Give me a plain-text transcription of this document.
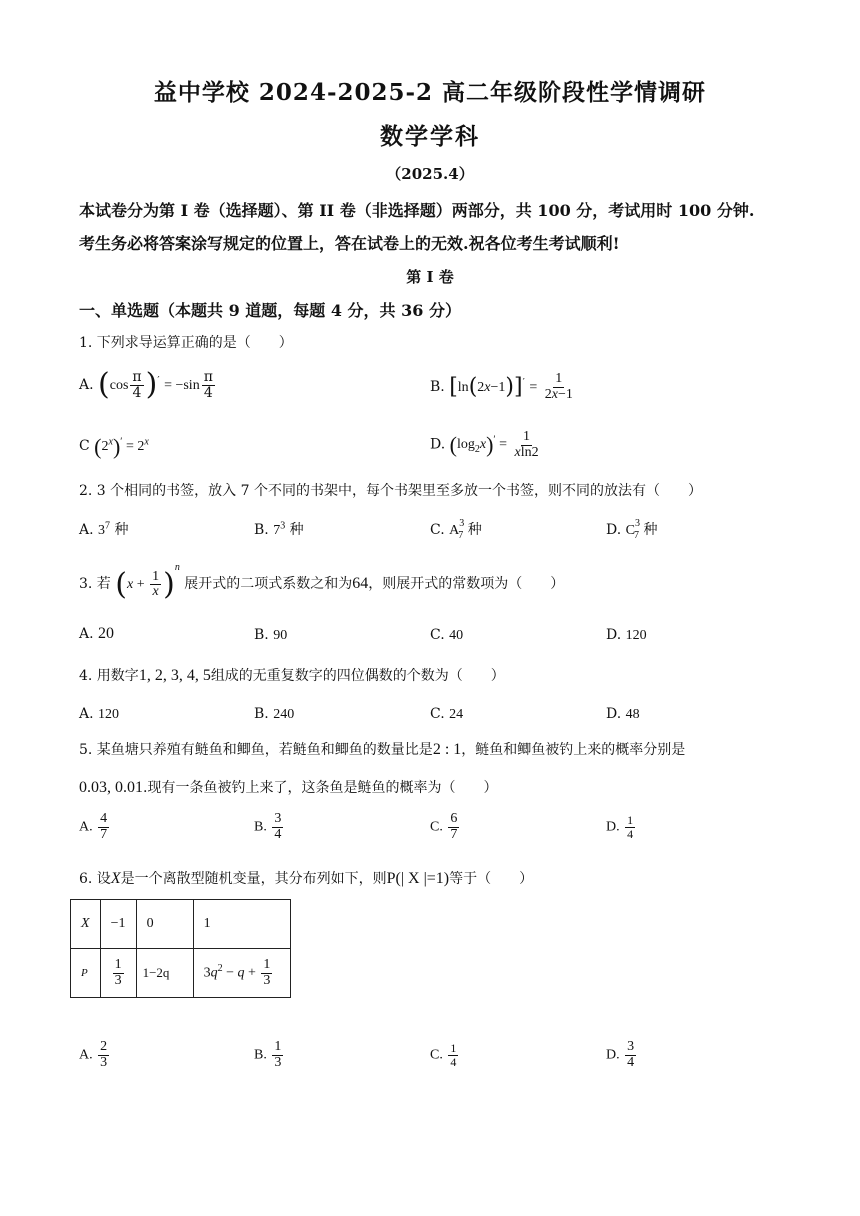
益中学校 2024-2025-2 高二年级阶段性学情调研
数学学科
（2025.4）
本试卷分为第 I 卷（选择题）、第 II 卷（非选择题）两部分，共 100 分，考试用时 100 分钟.
考生务必将答案涂写规定的位置上，答在试卷上的无效.祝各位考生考试顺利!
第 I 卷
一、单选题（本题共 9 道题，每题 4 分，共 36 分）
1. 下列求导运算正确的是（　　）
A. $(\cos \frac{\pi}{4} )' = -\sin \frac{\pi}{4}$	B. $[\ln(2x-1)]' = \frac{1}{2x-1}$
C $(2^x)' = 2^x$	D. $(\log_2x)' = \frac{1}{xln2}$
2. 3 个相同的书签，放入 7 个不同的书架中，每个书架里至多放一个书签，则不同的放法有（　　）
A. $3^7$ 种	B. $7^3$ 种	C. $A^3_7$ 种	D. $C^3_7$ 种
3. 若 $(x + \frac{1}{x} )^n$ 展开式的二项式系数之和为64，则展开式的常数项为（　　）
A. 20	B. 90	C. 40	D. 120
4. 用数字1, 2, 3, 4, 5组成的无重复数字的四位偶数的个数为（　　）
A. 120	B. 240	C. 24	D. 48
5. 某鱼塘只养殖有鲢鱼和鲫鱼，若鲢鱼和鲫鱼的数量比是2 : 1，鲢鱼和鲫鱼被钓上来的概率分别是
0.03, 0.01.现有一条鱼被钓上来了，这条鱼是鲢鱼的概率为（　　）
A. $\frac{4}{7}$	B. $\frac{3}{4}$	C. $\frac{6}{7}$	D. $\frac{1}{4}$
6. 设X是一个离散型随机变量，其分布列如下，则P(| X |=1)等于（　　）
X	−1	0	1
P	$\frac{1}{3}$	1−2q	$3q^2 - q + \frac{1}{3}$
A. $\frac{2}{3}$	B. $\frac{1}{3}$	C. $\frac{1}{4}$	D. $\frac{3}{4}$
